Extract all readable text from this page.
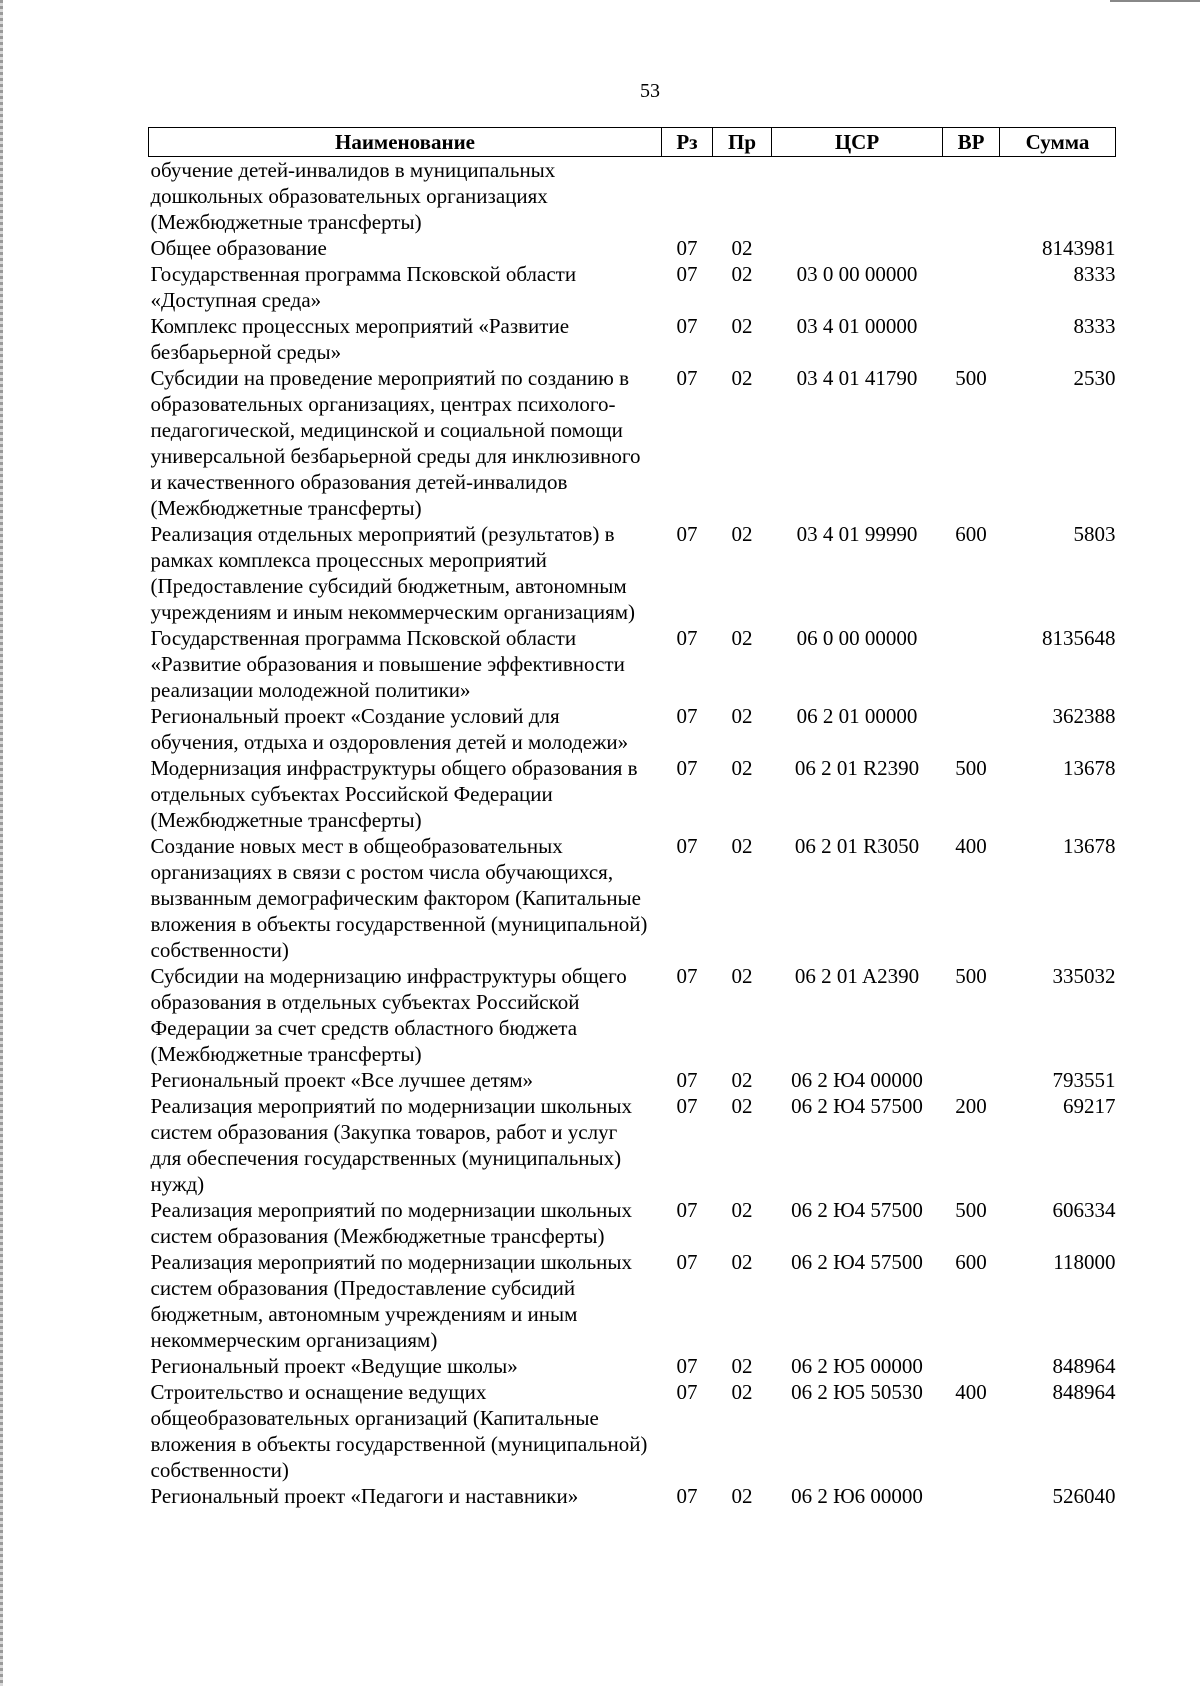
53
Наименование	Рз	Пр	ЦСР	ВР	Сумма

обучение детей-инвалидов в муниципальных дошкольных образовательных организациях (Межбюджетные трансферты)					

Общее образование	07	02			8143981

Государственная программа Псковской области «Доступная среда»	07	02	03 0 00 00000		8333

Комплекс процессных мероприятий «Развитие безбарьерной среды»	07	02	03 4 01 00000		8333

Субсидии на проведение мероприятий по созданию в образовательных организациях, центрах психолого-педагогической, медицинской и социальной помощи универсальной безбарьерной среды для инклюзивного и качественного образования детей-инвалидов (Межбюджетные трансферты)	07	02	03 4 01 41790	500	2530

Реализация отдельных мероприятий (результатов) в рамках комплекса процессных мероприятий (Предоставление субсидий бюджетным, автономным учреждениям и иным некоммерческим организациям)	07	02	03 4 01 99990	600	5803

Государственная программа Псковской области «Развитие образования и повышение эффективности реализации молодежной политики»	07	02	06 0 00 00000		8135648

Региональный проект «Создание условий для обучения, отдыха и оздоровления детей и молодежи»	07	02	06 2 01 00000		362388

Модернизация инфраструктуры общего образования в отдельных субъектах Российской Федерации (Межбюджетные трансферты)	07	02	06 2 01 R2390	500	13678

Создание новых мест в общеобразовательных организациях в связи с ростом числа обучающихся, вызванным демографическим фактором (Капитальные вложения в объекты государственной (муниципальной) собственности)	07	02	06 2 01 R3050	400	13678

Субсидии на модернизацию инфраструктуры общего образования в отдельных субъектах Российской Федерации за счет средств областного бюджета (Межбюджетные трансферты)	07	02	06 2 01 A2390	500	335032

Региональный проект «Все лучшее детям»	07	02	06 2 Ю4 00000		793551

Реализация мероприятий по модернизации школьных систем образования (Закупка товаров, работ и услуг для обеспечения государственных (муниципальных) нужд)	07	02	06 2 Ю4 57500	200	69217

Реализация мероприятий по модернизации школьных систем образования (Межбюджетные трансферты)	07	02	06 2 Ю4 57500	500	606334

Реализация мероприятий по модернизации школьных систем образования (Предоставление субсидий бюджетным, автономным учреждениям и иным некоммерческим организациям)	07	02	06 2 Ю4 57500	600	118000

Региональный проект «Ведущие школы»	07	02	06 2 Ю5 00000		848964

Строительство и оснащение ведущих общеобразовательных организаций (Капитальные вложения в объекты государственной (муниципальной) собственности)	07	02	06 2 Ю5 50530	400	848964

Региональный проект «Педагоги и наставники»	07	02	06 2 Ю6 00000		526040
